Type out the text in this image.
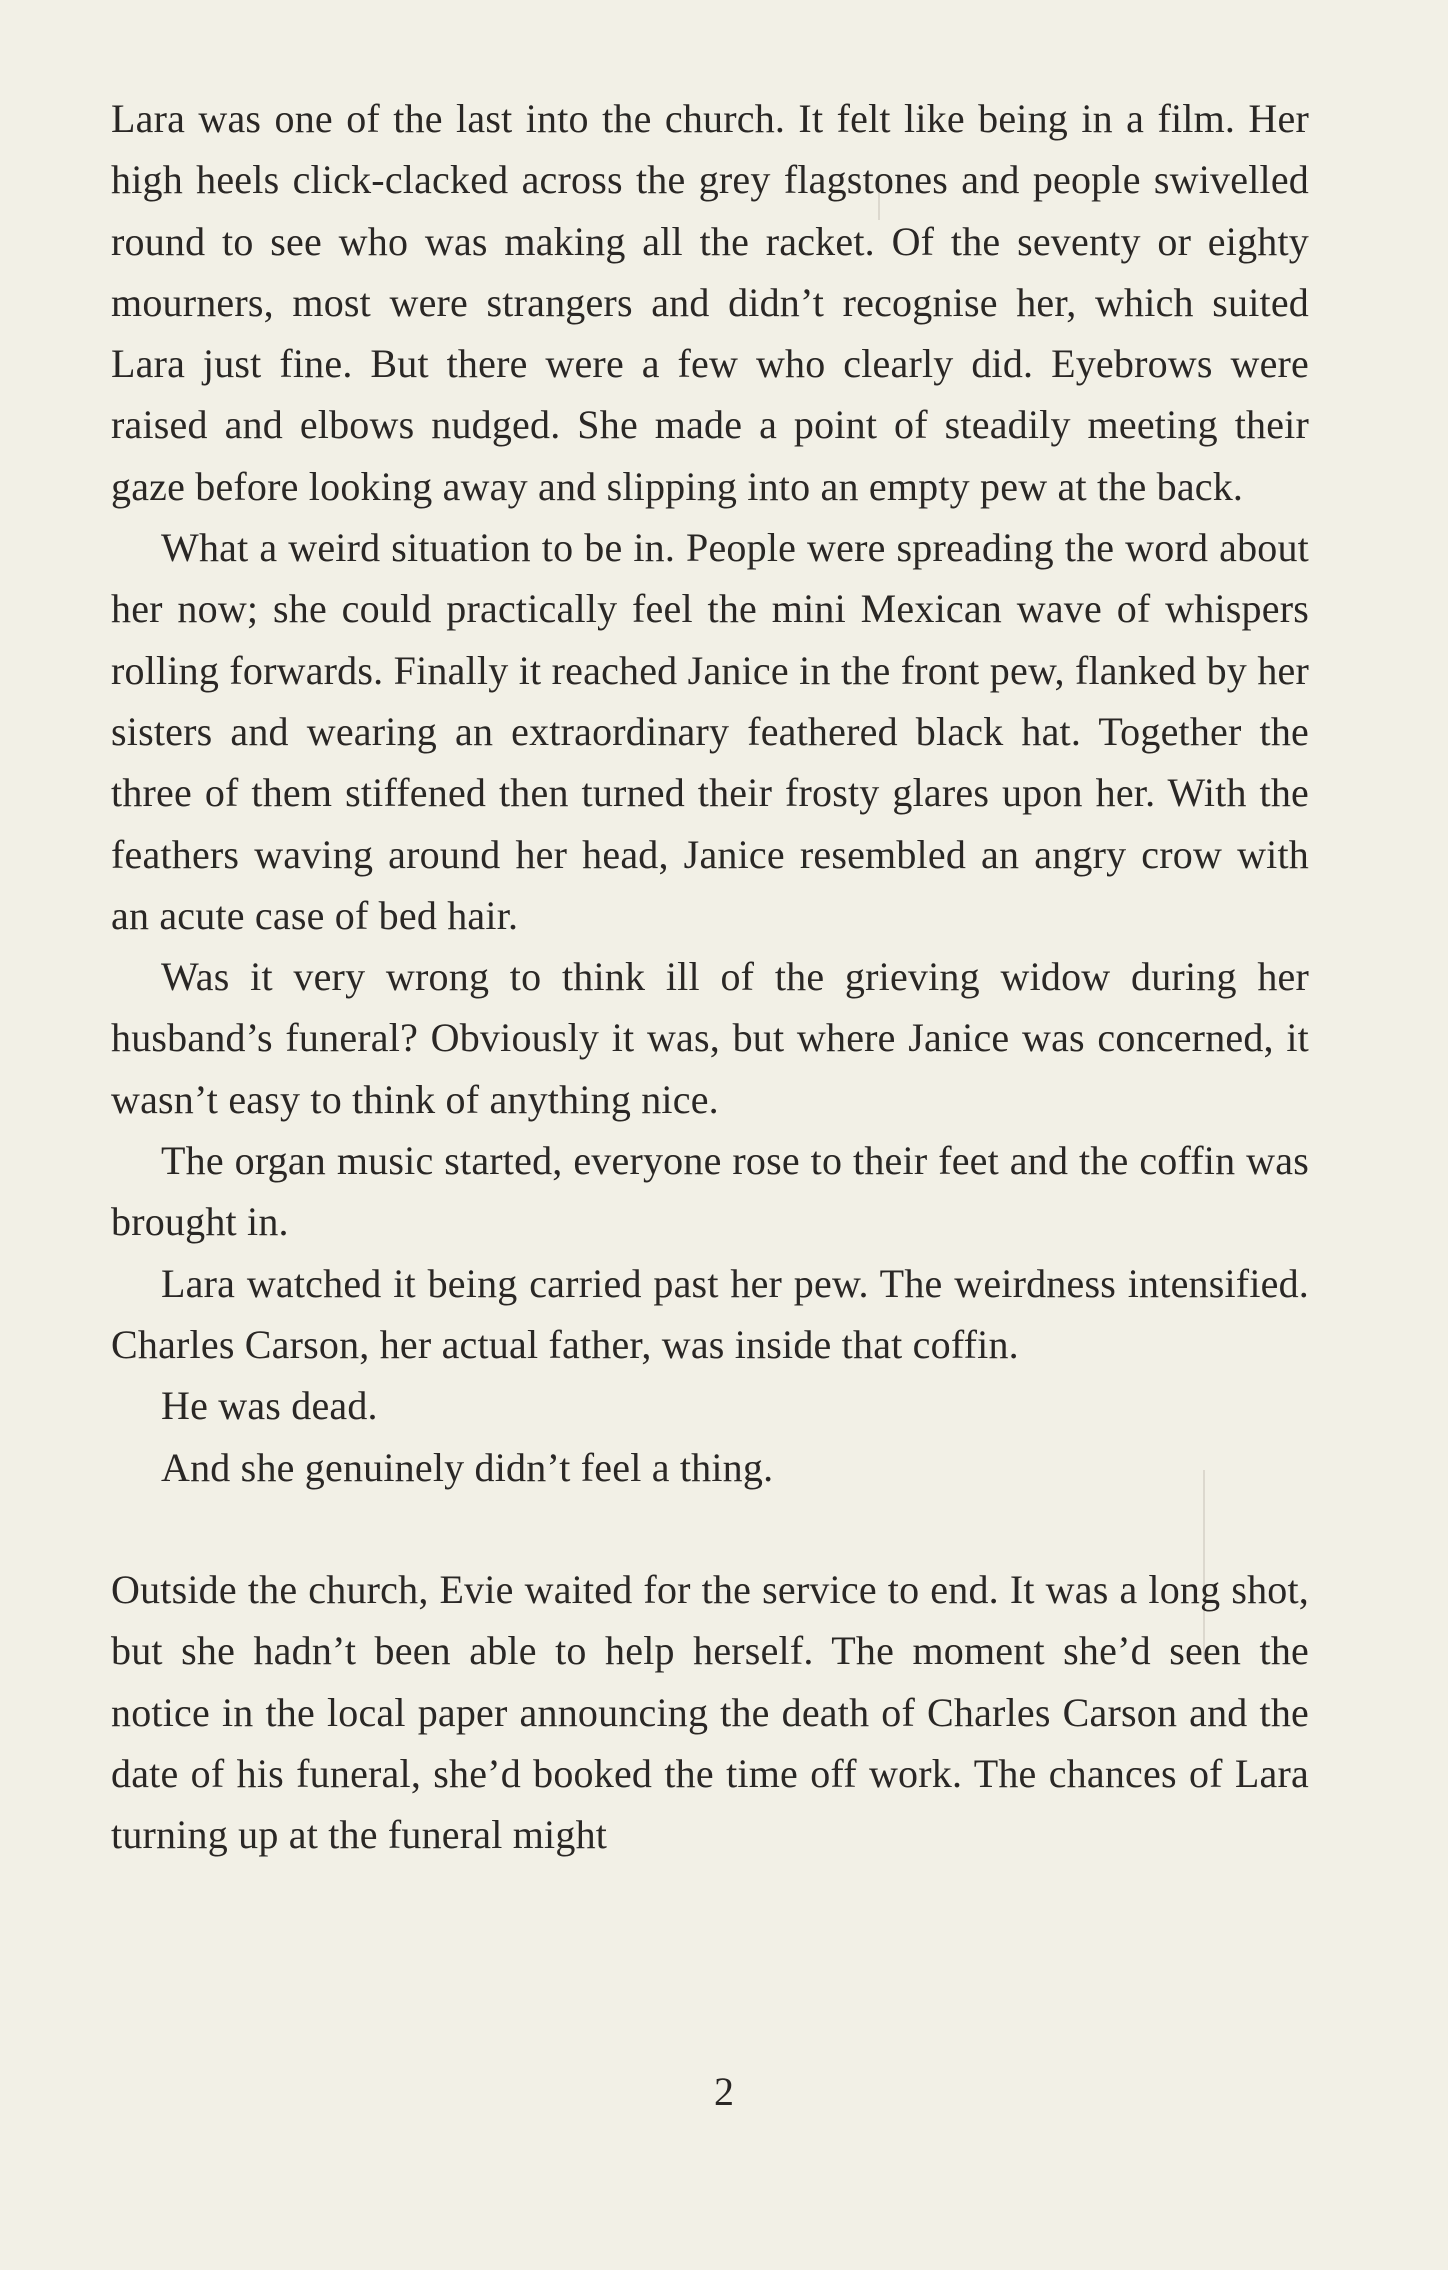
Lara was one of the last into the church. It felt like being in a film. Her high heels click-clacked across the grey flagstones and people swivelled round to see who was making all the racket. Of the seventy or eighty mourners, most were strangers and didn’t recognise her, which suited Lara just fine. But there were a few who clearly did. Eyebrows were raised and elbows nudged. She made a point of steadily meeting their gaze before looking away and slipping into an empty pew at the back.

What a weird situation to be in. People were spreading the word about her now; she could practically feel the mini Mexican wave of whispers rolling forwards. Finally it reached Janice in the front pew, flanked by her sisters and wearing an extraordinary feathered black hat. Together the three of them stiffened then turned their frosty glares upon her. With the feathers waving around her head, Janice resembled an angry crow with an acute case of bed hair.

Was it very wrong to think ill of the grieving widow during her husband’s funeral? Obviously it was, but where Janice was concerned, it wasn’t easy to think of anything nice.

The organ music started, everyone rose to their feet and the coffin was brought in.

Lara watched it being carried past her pew. The weirdness intensified. Charles Carson, her actual father, was inside that coffin.

He was dead.

And she genuinely didn’t feel a thing.

Outside the church, Evie waited for the service to end. It was a long shot, but she hadn’t been able to help herself. The moment she’d seen the notice in the local paper announcing the death of Charles Carson and the date of his funeral, she’d booked the time off work. The chances of Lara turning up at the funeral might

2
